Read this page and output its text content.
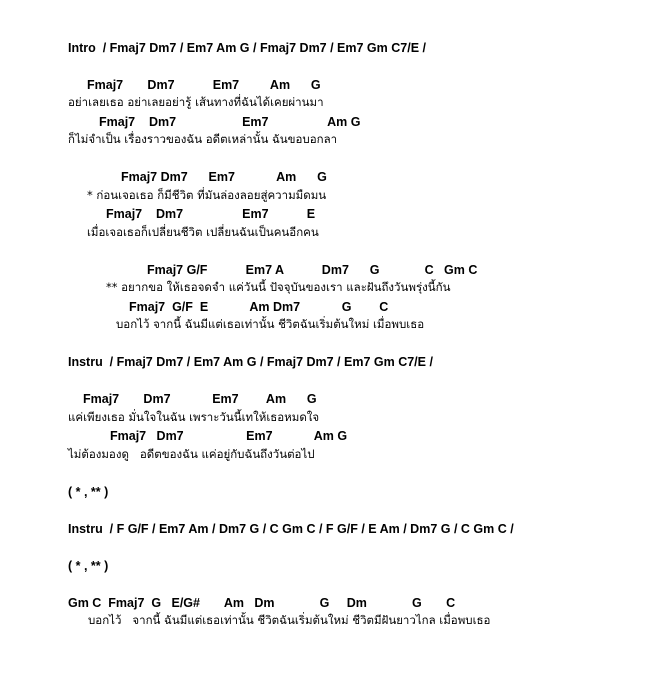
Intro  / Fmaj7 Dm7 / Em7 Am G / Fmaj7 Dm7 / Em7 Gm C7/E /
Fmaj7       Dm7           Em7         Am      G
อย่าเลยเธอ อย่าเลยอย่ารู้ เส้นทางที่ฉันได้เคยผ่านมา
Fmaj7    Dm7                   Em7                 Am G
ก็ไม่จำเป็น เรื่องราวของฉัน อดีตเหล่านั้น ฉันขอบอกลา
Fmaj7 Dm7      Em7            Am      G
* ก่อนเจอเธอ ก็มีชีวิต ที่มันล่องลอยสู่ความมืดมน
Fmaj7    Dm7                 Em7           E
เมื่อเจอเธอก็เปลี่ยนชีวิต เปลี่ยนฉันเป็นคนอีกคน
Fmaj7 G/F           Em7 A           Dm7      G             C   Gm C
** อยากขอ ให้เธอจดจำ แค่วันนี้ ปัจจุบันของเรา และฝันถึงวันพรุ่งนี้กัน
Fmaj7  G/F  E            Am Dm7            G        C
บอกไว้ จากนี้ ฉันมีแต่เธอเท่านั้น ชีวิตฉันเริ่มต้นใหม่ เมื่อพบเธอ
Instru  / Fmaj7 Dm7 / Em7 Am G / Fmaj7 Dm7 / Em7 Gm C7/E /
Fmaj7       Dm7            Em7        Am      G
แค่เพียงเธอ มั่นใจในฉัน เพราะวันนี้เทให้เธอหมดใจ
Fmaj7   Dm7                  Em7            Am G
ไม่ต้องมองดู   อดีตของฉัน แค่อยู่กับฉันถึงวันต่อไป
( * , ** )
Instru  / F G/F / Em7 Am / Dm7 G / C Gm C / F G/F / E Am / Dm7 G / C Gm C /
( * , ** )
Gm C  Fmaj7  G   E/G#       Am   Dm             G     Dm             G       C
บอกไว้   จากนี้ ฉันมีแต่เธอเท่านั้น ชีวิตฉันเริ่มต้นใหม่ ชีวิตมีฝันยาวไกล เมื่อพบเธอ
